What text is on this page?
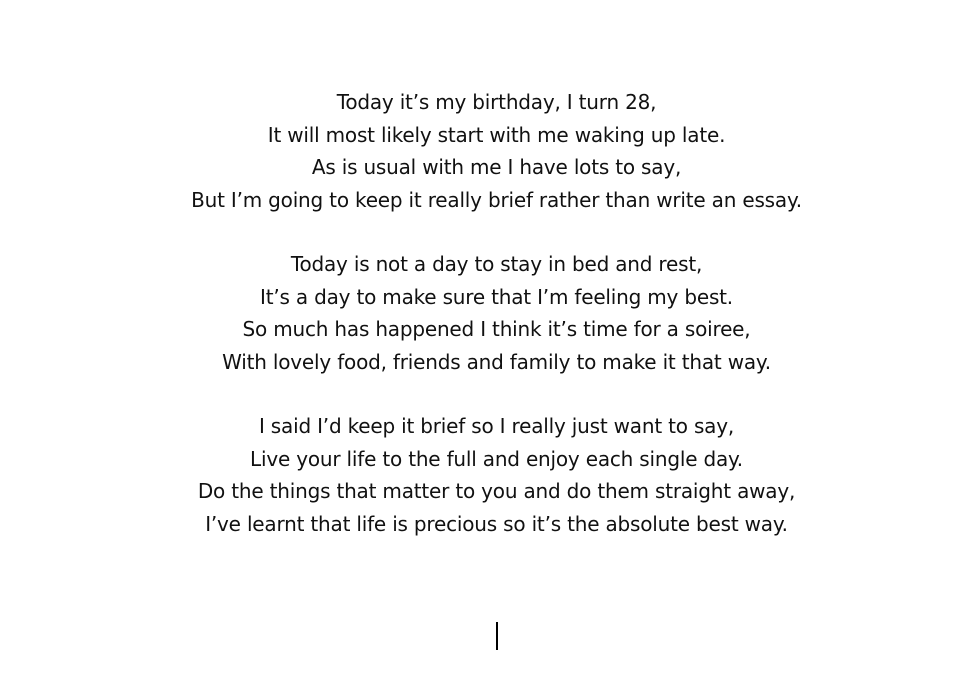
Today it’s my birthday, I turn 28,
It will most likely start with me waking up late.
As is usual with me I have lots to say,
But I’m going to keep it really brief rather than write an essay.
Today is not a day to stay in bed and rest,
It’s a day to make sure that I’m feeling my best.
So much has happened I think it’s time for a soiree,
With lovely food, friends and family to make it that way.
I said I’d keep it brief so I really just want to say,
Live your life to the full and enjoy each single day.
Do the things that matter to you and do them straight away,
I’ve learnt that life is precious so it’s the absolute best way.
